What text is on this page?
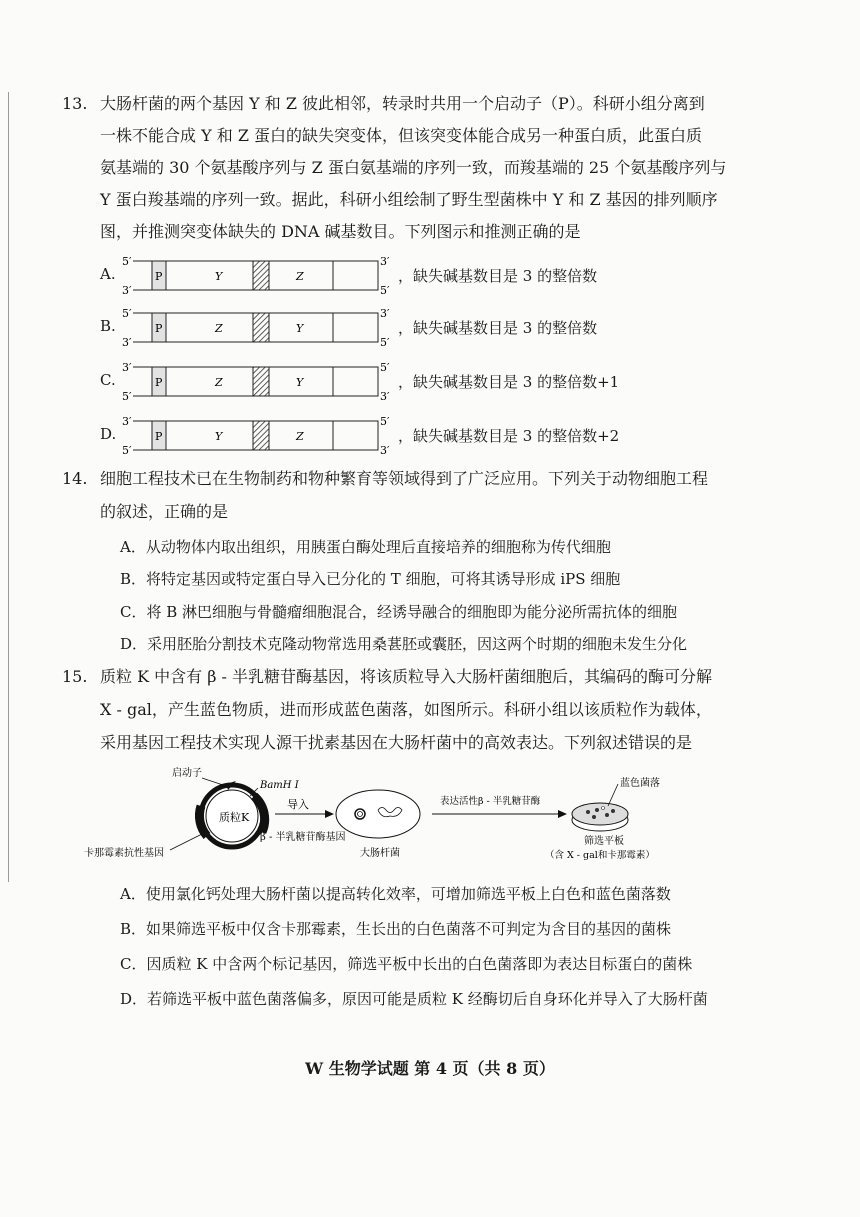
13. 大肠杆菌的两个基因 Y 和 Z 彼此相邻，转录时共用一个启动子（P）。科研小组分离到
一株不能合成 Y 和 Z 蛋白的缺失突变体，但该突变体能合成另一种蛋白质，此蛋白质
氨基端的 30 个氨基酸序列与 Z 蛋白氨基端的序列一致，而羧基端的 25 个氨基酸序列与
Y 蛋白羧基端的序列一致。据此，科研小组绘制了野生型菌株中 Y 和 Z 基因的排列顺序
图，并推测突变体缺失的 DNA 碱基数目。下列图示和推测正确的是
A.
5′
3′
P	Y	Z
3′
5′
，缺失碱基数目是 3 的整倍数
B.
5′
3′
P	Z	Y
3′
5′
，缺失碱基数目是 3 的整倍数
C.
3′
5′
P	Z	Y
5′
3′
，缺失碱基数目是 3 的整倍数+1
D.
3′
5′
P	Y	Z
5′
3′
，缺失碱基数目是 3 的整倍数+2
14. 细胞工程技术已在生物制药和物种繁育等领域得到了广泛应用。下列关于动物细胞工程
的叙述，正确的是
A．从动物体内取出组织，用胰蛋白酶处理后直接培养的细胞称为传代细胞
B．将特定基因或特定蛋白导入已分化的 T 细胞，可将其诱导形成 iPS 细胞
C．将 B 淋巴细胞与骨髓瘤细胞混合，经诱导融合的细胞即为能分泌所需抗体的细胞
D．采用胚胎分割技术克隆动物常选用桑葚胚或囊胚，因这两个时期的细胞未发生分化
15. 质粒 K 中含有 β - 半乳糖苷酶基因，将该质粒导入大肠杆菌细胞后，其编码的酶可分解
X - gal，产生蓝色物质，进而形成蓝色菌落，如图所示。科研小组以该质粒作为载体，
采用基因工程技术实现人源干扰素基因在大肠杆菌中的高效表达。下列叙述错误的是
质粒K
启动子
BamH I
β - 半乳糖苷酶基因
卡那霉素抗性基因
导入
大肠杆菌
表达活性β - 半乳糖苷酶
蓝色菌落
筛选平板
（含 X - gal和卡那霉素）
A．使用氯化钙处理大肠杆菌以提高转化效率，可增加筛选平板上白色和蓝色菌落数
B．如果筛选平板中仅含卡那霉素，生长出的白色菌落不可判定为含目的基因的菌株
C．因质粒 K 中含两个标记基因，筛选平板中长出的白色菌落即为表达目标蛋白的菌株
D．若筛选平板中蓝色菌落偏多，原因可能是质粒 K 经酶切后自身环化并导入了大肠杆菌
W 生物学试题 第 4 页（共 8 页）
